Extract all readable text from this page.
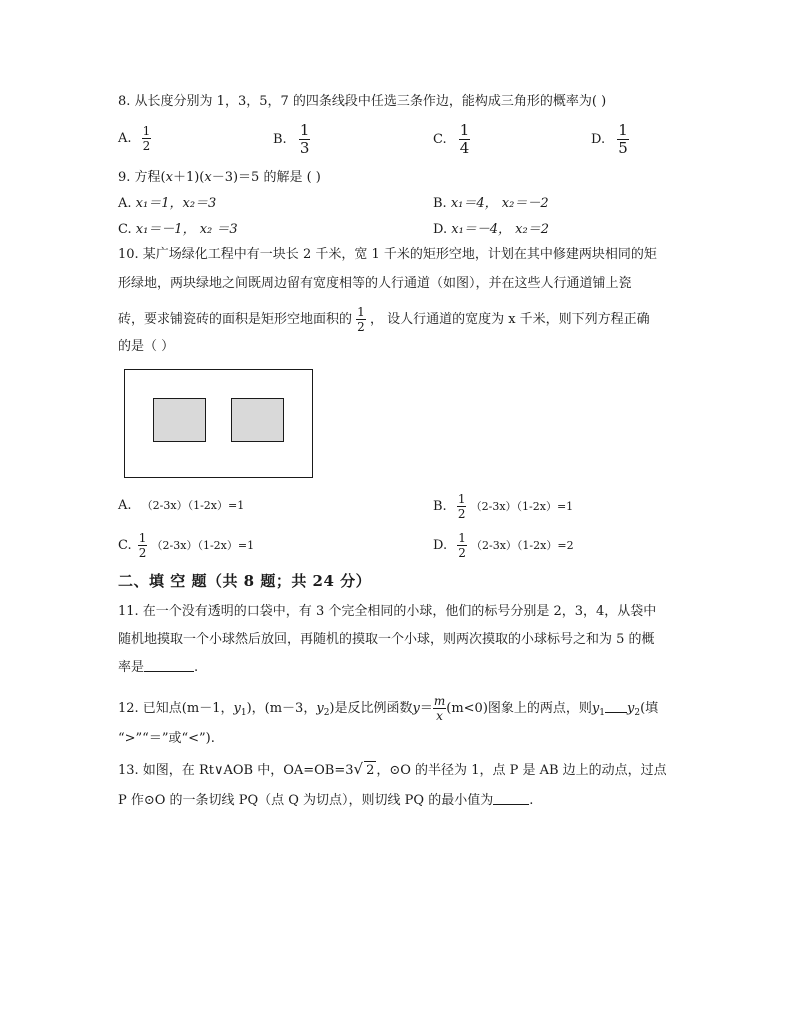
8. 从长度分别为 1，3，5，7 的四条线段中任选三条作边，能构成三角形的概率为( )
A. $\frac{1}{2}$	B. $\frac{1}{3}$	C. $\frac{1}{4}$	D. $\frac{1}{5}$
9. 方程(x＋1)(x－3)＝5 的解是 ( )
A. x₁＝1，x₂＝3	B. x₁＝4， x₂＝－2
C. x₁＝－1， x₂ ＝3	D. x₁＝－4， x₂＝2
10. 某广场绿化工程中有一块长 2 千米，宽 1 千米的矩形空地，计划在其中修建两块相同的矩
形绿地，两块绿地之间既周边留有宽度相等的人行通道（如图），并在这些人行通道铺上瓷
砖，要求铺瓷砖的面积是矩形空地面积的 $\frac{1}{2}$ ， 设人行通道的宽度为 x 千米，则下列方程正确
的是（ ）
A. （2-3x）（1-2x）=1	B. $\frac{1}{2} (2-3x)(1-2x)=1$
C. $\frac{1}{2} (2-3x)(1-2x)=1$	D. $\frac{1}{2} (2-3x)(1-2x)=2$
二、填 空 题（共 8 题；共 24 分）
11. 在一个没有透明的口袋中，有 3 个完全相同的小球，他们的标号分别是 2，3，4，从袋中
随机地摸取一个小球然后放回，再随机的摸取一个小球，则两次摸取的小球标号之和为 5 的概
率是	.
12. 已知点(m－1，$y_1$)，(m－3，$y_2$)是反比例函数$y= \frac{m}{x} (m<0)$图象上的两点，则$y_1$ $y_2$(填
“>”“＝”或“<”).
13. 如图，在 Rt∨AOB 中，OA=OB=3√ 2 ，⊙O 的半径为 1，点 P 是 AB 边上的动点，过点
P 作⊙O 的一条切线 PQ（点 Q 为切点），则切线 PQ 的最小值为	.
